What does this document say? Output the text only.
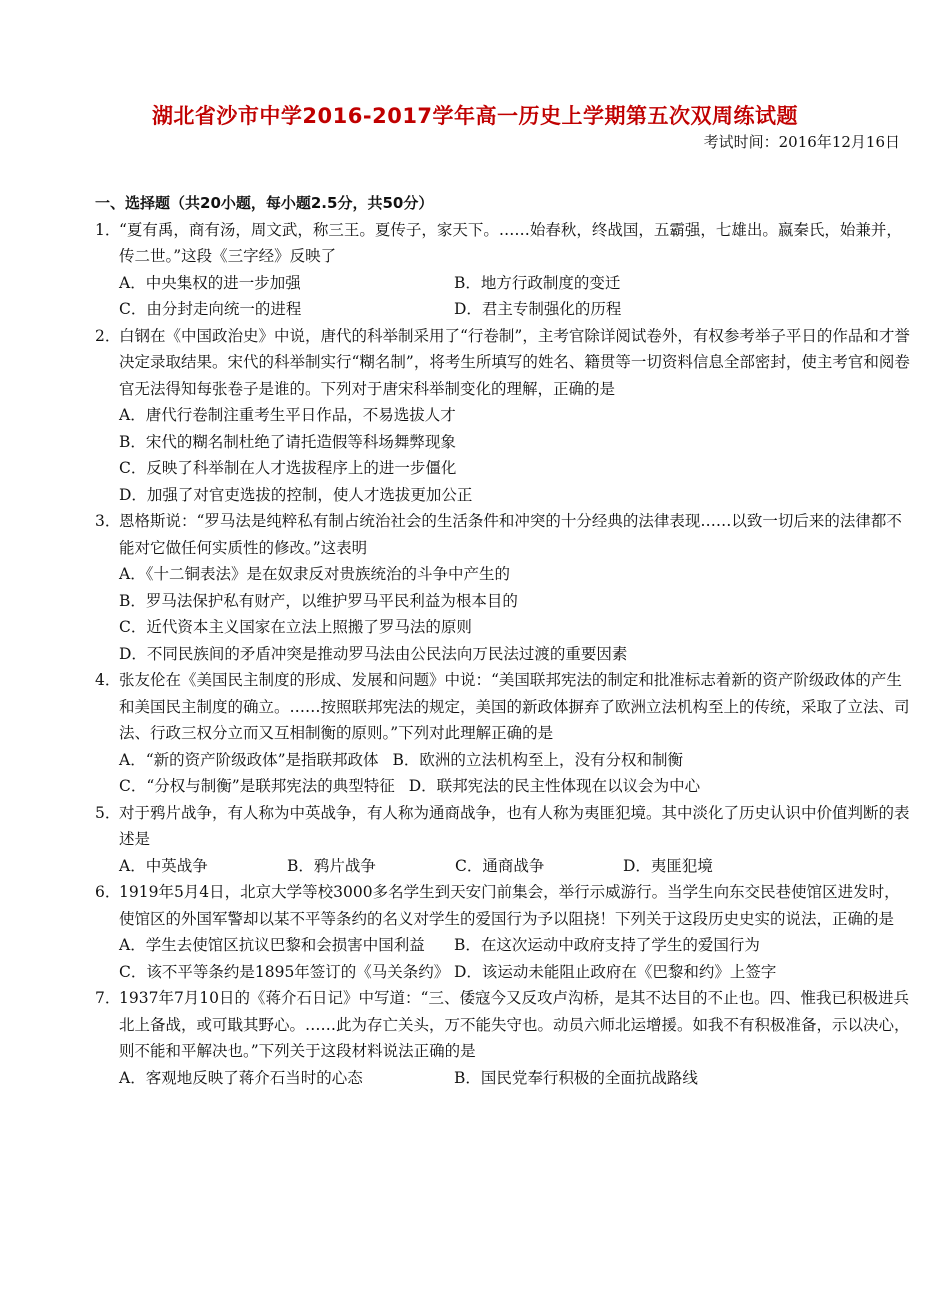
湖北省沙市中学2016-2017学年高一历史上学期第五次双周练试题
考试时间：2016年12月16日
一、选择题（共20小题，每小题2.5分，共50分）
1．“夏有禹，商有汤，周文武，称三王。夏传子，家天下。……始春秋，终战国，五霸强，七雄出。嬴秦氏，始兼并，传二世。”这段《三字经》反映了
A．中央集权的进一步加强	B．地方行政制度的变迁
C．由分封走向统一的进程	D．君主专制强化的历程
2．白钢在《中国政治史》中说，唐代的科举制采用了“行卷制”，主考官除详阅试卷外，有权参考举子平日的作品和才誉决定录取结果。宋代的科举制实行“糊名制”，将考生所填写的姓名、籍贯等一切资料信息全部密封，使主考官和阅卷官无法得知每张卷子是谁的。下列对于唐宋科举制变化的理解，正确的是
A．唐代行卷制注重考生平日作品，不易选拔人才
B．宋代的糊名制杜绝了请托造假等科场舞弊现象
C．反映了科举制在人才选拔程序上的进一步僵化
D．加强了对官吏选拔的控制，使人才选拔更加公正
3．恩格斯说：“罗马法是纯粹私有制占统治社会的生活条件和冲突的十分经典的法律表现……以致一切后来的法律都不能对它做任何实质性的修改。”这表明
A．《十二铜表法》是在奴隶反对贵族统治的斗争中产生的
B．罗马法保护私有财产，以维护罗马平民利益为根本目的
C．近代资本主义国家在立法上照搬了罗马法的原则
D．不同民族间的矛盾冲突是推动罗马法由公民法向万民法过渡的重要因素
4．张友伦在《美国民主制度的形成、发展和问题》中说：“美国联邦宪法的制定和批准标志着新的资产阶级政体的产生和美国民主制度的确立。……按照联邦宪法的规定，美国的新政体摒弃了欧洲立法机构至上的传统，采取了立法、司法、行政三权分立而又互相制衡的原则。”下列对此理解正确的是
A．“新的资产阶级政体”是指联邦政体 B．欧洲的立法机构至上，没有分权和制衡
C．“分权与制衡”是联邦宪法的典型特征 D．联邦宪法的民主性体现在以议会为中心
5．对于鸦片战争，有人称为中英战争，有人称为通商战争，也有人称为夷匪犯境。其中淡化了历史认识中价值判断的表述是
A．中英战争	B．鸦片战争	C．通商战争	D．夷匪犯境
6．1919年5月4日，北京大学等校3000多名学生到天安门前集会，举行示威游行。当学生向东交民巷使馆区进发时，使馆区的外国军警却以某不平等条约的名义对学生的爱国行为予以阻挠！下列关于这段历史史实的说法，正确的是
A．学生去使馆区抗议巴黎和会损害中国利益	B．在这次运动中政府支持了学生的爱国行为
C．该不平等条约是1895年签订的《马关条约》 D．该运动未能阻止政府在《巴黎和约》上签字
7．1937年7月10日的《蒋介石日记》中写道：“三、倭寇今又反攻卢沟桥，是其不达目的不止也。四、惟我已积极进兵北上备战，或可戢其野心。……此为存亡关头，万不能失守也。动员六师北运增援。如我不有积极准备，示以决心，则不能和平解决也。”下列关于这段材料说法正确的是
A．客观地反映了蒋介石当时的心态	B．国民党奉行积极的全面抗战路线
